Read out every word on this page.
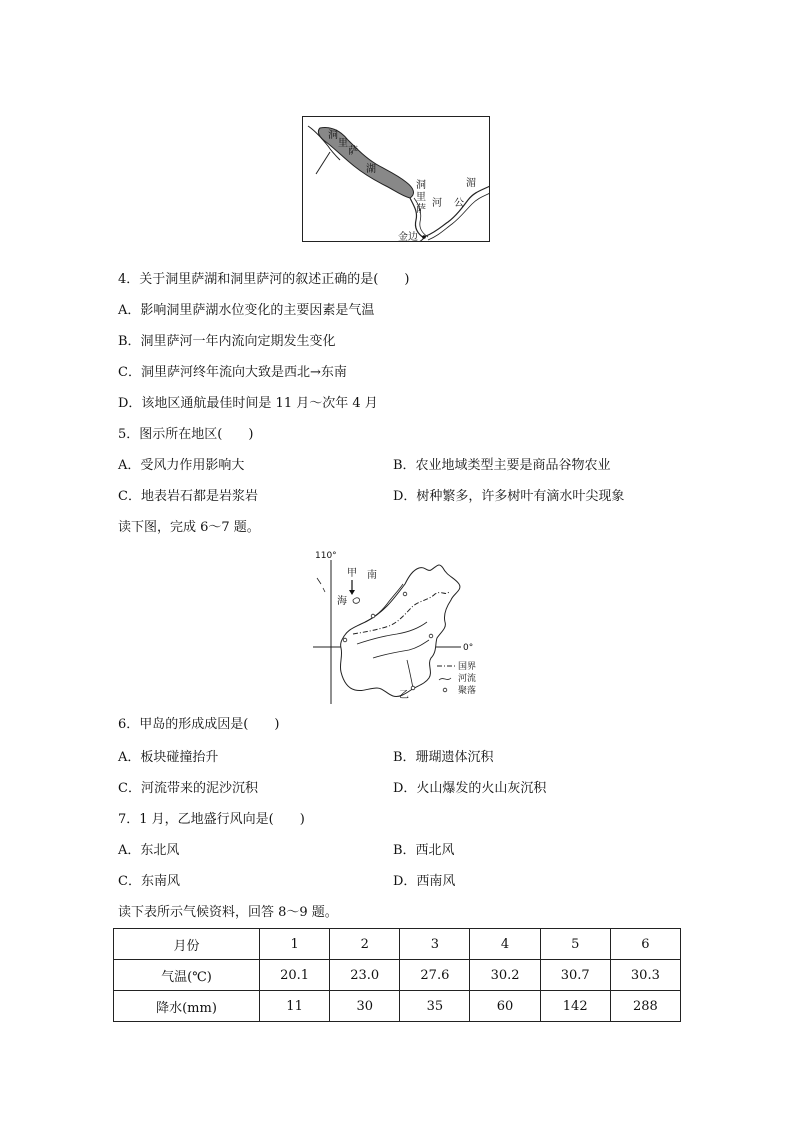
洞
里
萨
湖
洞
里
萨
河 公
湄
金边
4．关于洞里萨湖和洞里萨河的叙述正确的是(　　)
A．影响洞里萨湖水位变化的主要因素是气温
B．洞里萨河一年内流向定期发生变化
C．洞里萨河终年流向大致是西北→东南
D．该地区通航最佳时间是 11 月～次年 4 月
5．图示所在地区(　　)
A．受风力作用影响大	B．农业地域类型主要是商品谷物农业
C．地表岩石都是岩浆岩	D．树种繁多，许多树叶有滴水叶尖现象
读下图，完成 6～7 题。
110°
0°
甲 南
海
乙
国界
河流
聚落
6．甲岛的形成成因是(　　)
A．板块碰撞抬升	B．珊瑚遗体沉积
C．河流带来的泥沙沉积	D．火山爆发的火山灰沉积
7．1 月，乙地盛行风向是(　　)
A．东北风	B．西北风
C．东南风	D．西南风
读下表所示气候资料，回答 8～9 题。
月份	1	2	3	4	5	6
气温(℃)	20.1	23.0	27.6	30.2	30.7	30.3
降水(mm)	11	30	35	60	142	288
